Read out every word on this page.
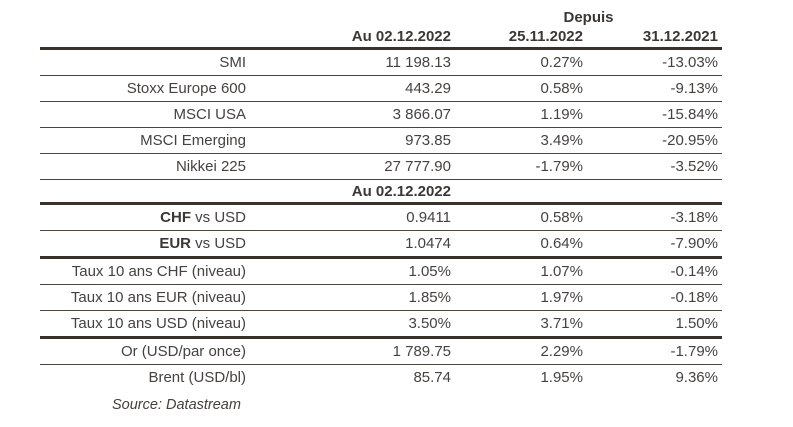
Depuis
Au 02.12.2022	25.11.2022	31.12.2021
SMI	11 198.13	0.27%	-13.03%
Stoxx Europe 600	443.29	0.58%	-9.13%
MSCI USA	3 866.07	1.19%	-15.84%
MSCI Emerging	973.85	3.49%	-20.95%
Nikkei 225	27 777.90	-1.79%	-3.52%
Au 02.12.2022
CHF vs USD	0.9411	0.58%	-3.18%
EUR vs USD	1.0474	0.64%	-7.90%
Taux 10 ans CHF (niveau)	1.05%	1.07%	-0.14%
Taux 10 ans EUR (niveau)	1.85%	1.97%	-0.18%
Taux 10 ans USD (niveau)	3.50%	3.71%	1.50%
Or (USD/par once)	1 789.75	2.29%	-1.79%
Brent (USD/bl)	85.74	1.95%	9.36%
Source: Datastream
